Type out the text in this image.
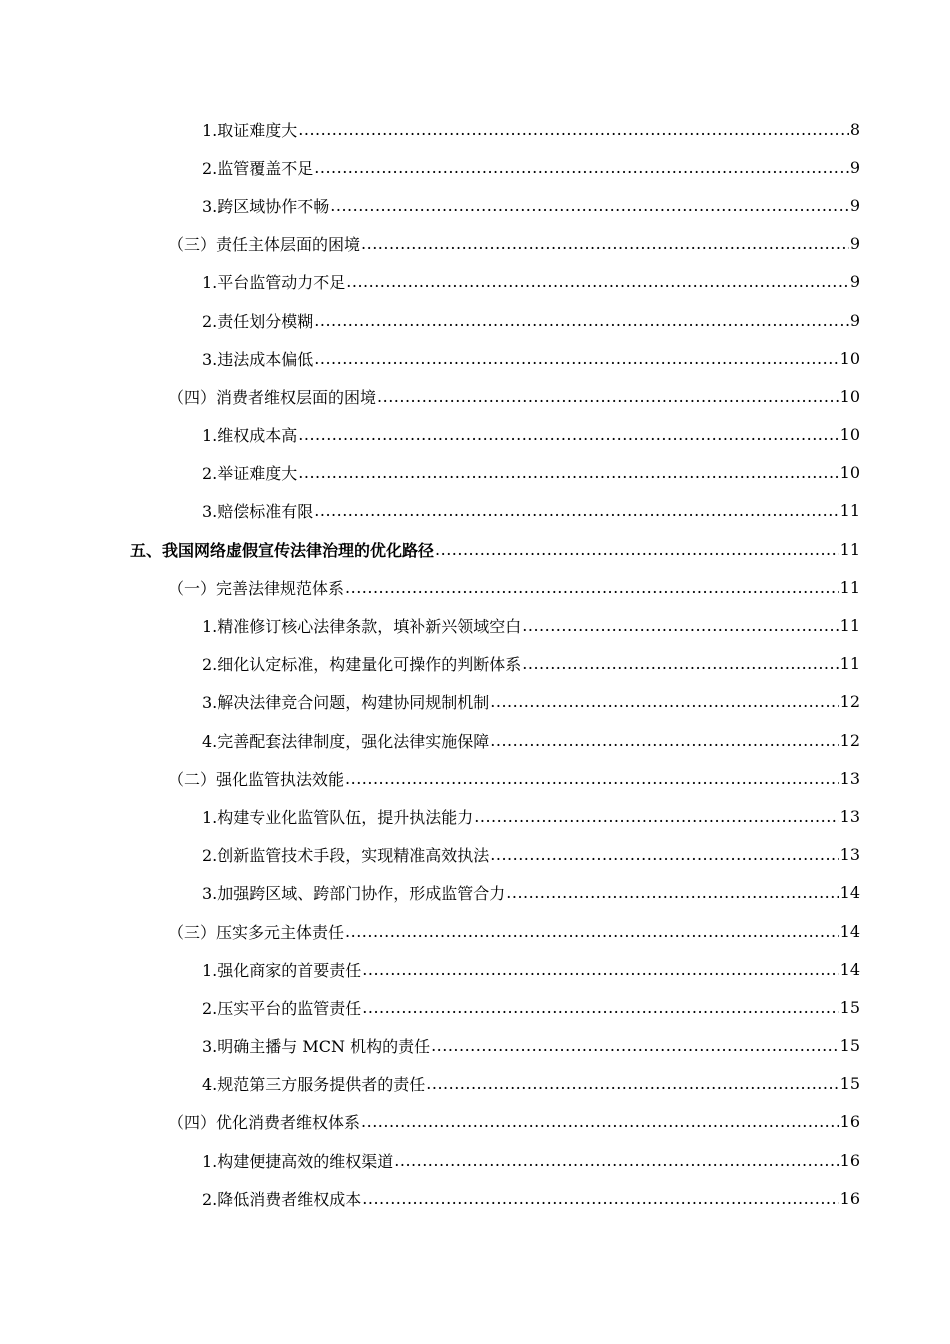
1.取证难度大 .....	8
2.监管覆盖不足 .....	9
3.跨区域协作不畅 .....	9
（三）责任主体层面的困境 .....	9
1.平台监管动力不足 .....	9
2.责任划分模糊 .....	9
3.违法成本偏低 .....	10
（四）消费者维权层面的困境 .....	10
1.维权成本高 .....	10
2.举证难度大 .....	10
3.赔偿标准有限 .....	11
五、我国网络虚假宣传法律治理的优化路径 .....	11
（一）完善法律规范体系 .....	11
1.精准修订核心法律条款，填补新兴领域空白 .....	11
2.细化认定标准，构建量化可操作的判断体系 .....	11
3.解决法律竞合问题，构建协同规制机制 .....	12
4.完善配套法律制度，强化法律实施保障 .....	12
（二）强化监管执法效能 .....	13
1.构建专业化监管队伍，提升执法能力 .....	13
2.创新监管技术手段，实现精准高效执法 .....	13
3.加强跨区域、跨部门协作，形成监管合力 .....	14
（三）压实多元主体责任 .....	14
1.强化商家的首要责任 .....	14
2.压实平台的监管责任 .....	15
3.明确主播与 MCN 机构的责任 .....	15
4.规范第三方服务提供者的责任 .....	15
（四）优化消费者维权体系 .....	16
1.构建便捷高效的维权渠道 .....	16
2.降低消费者维权成本 .....	16
